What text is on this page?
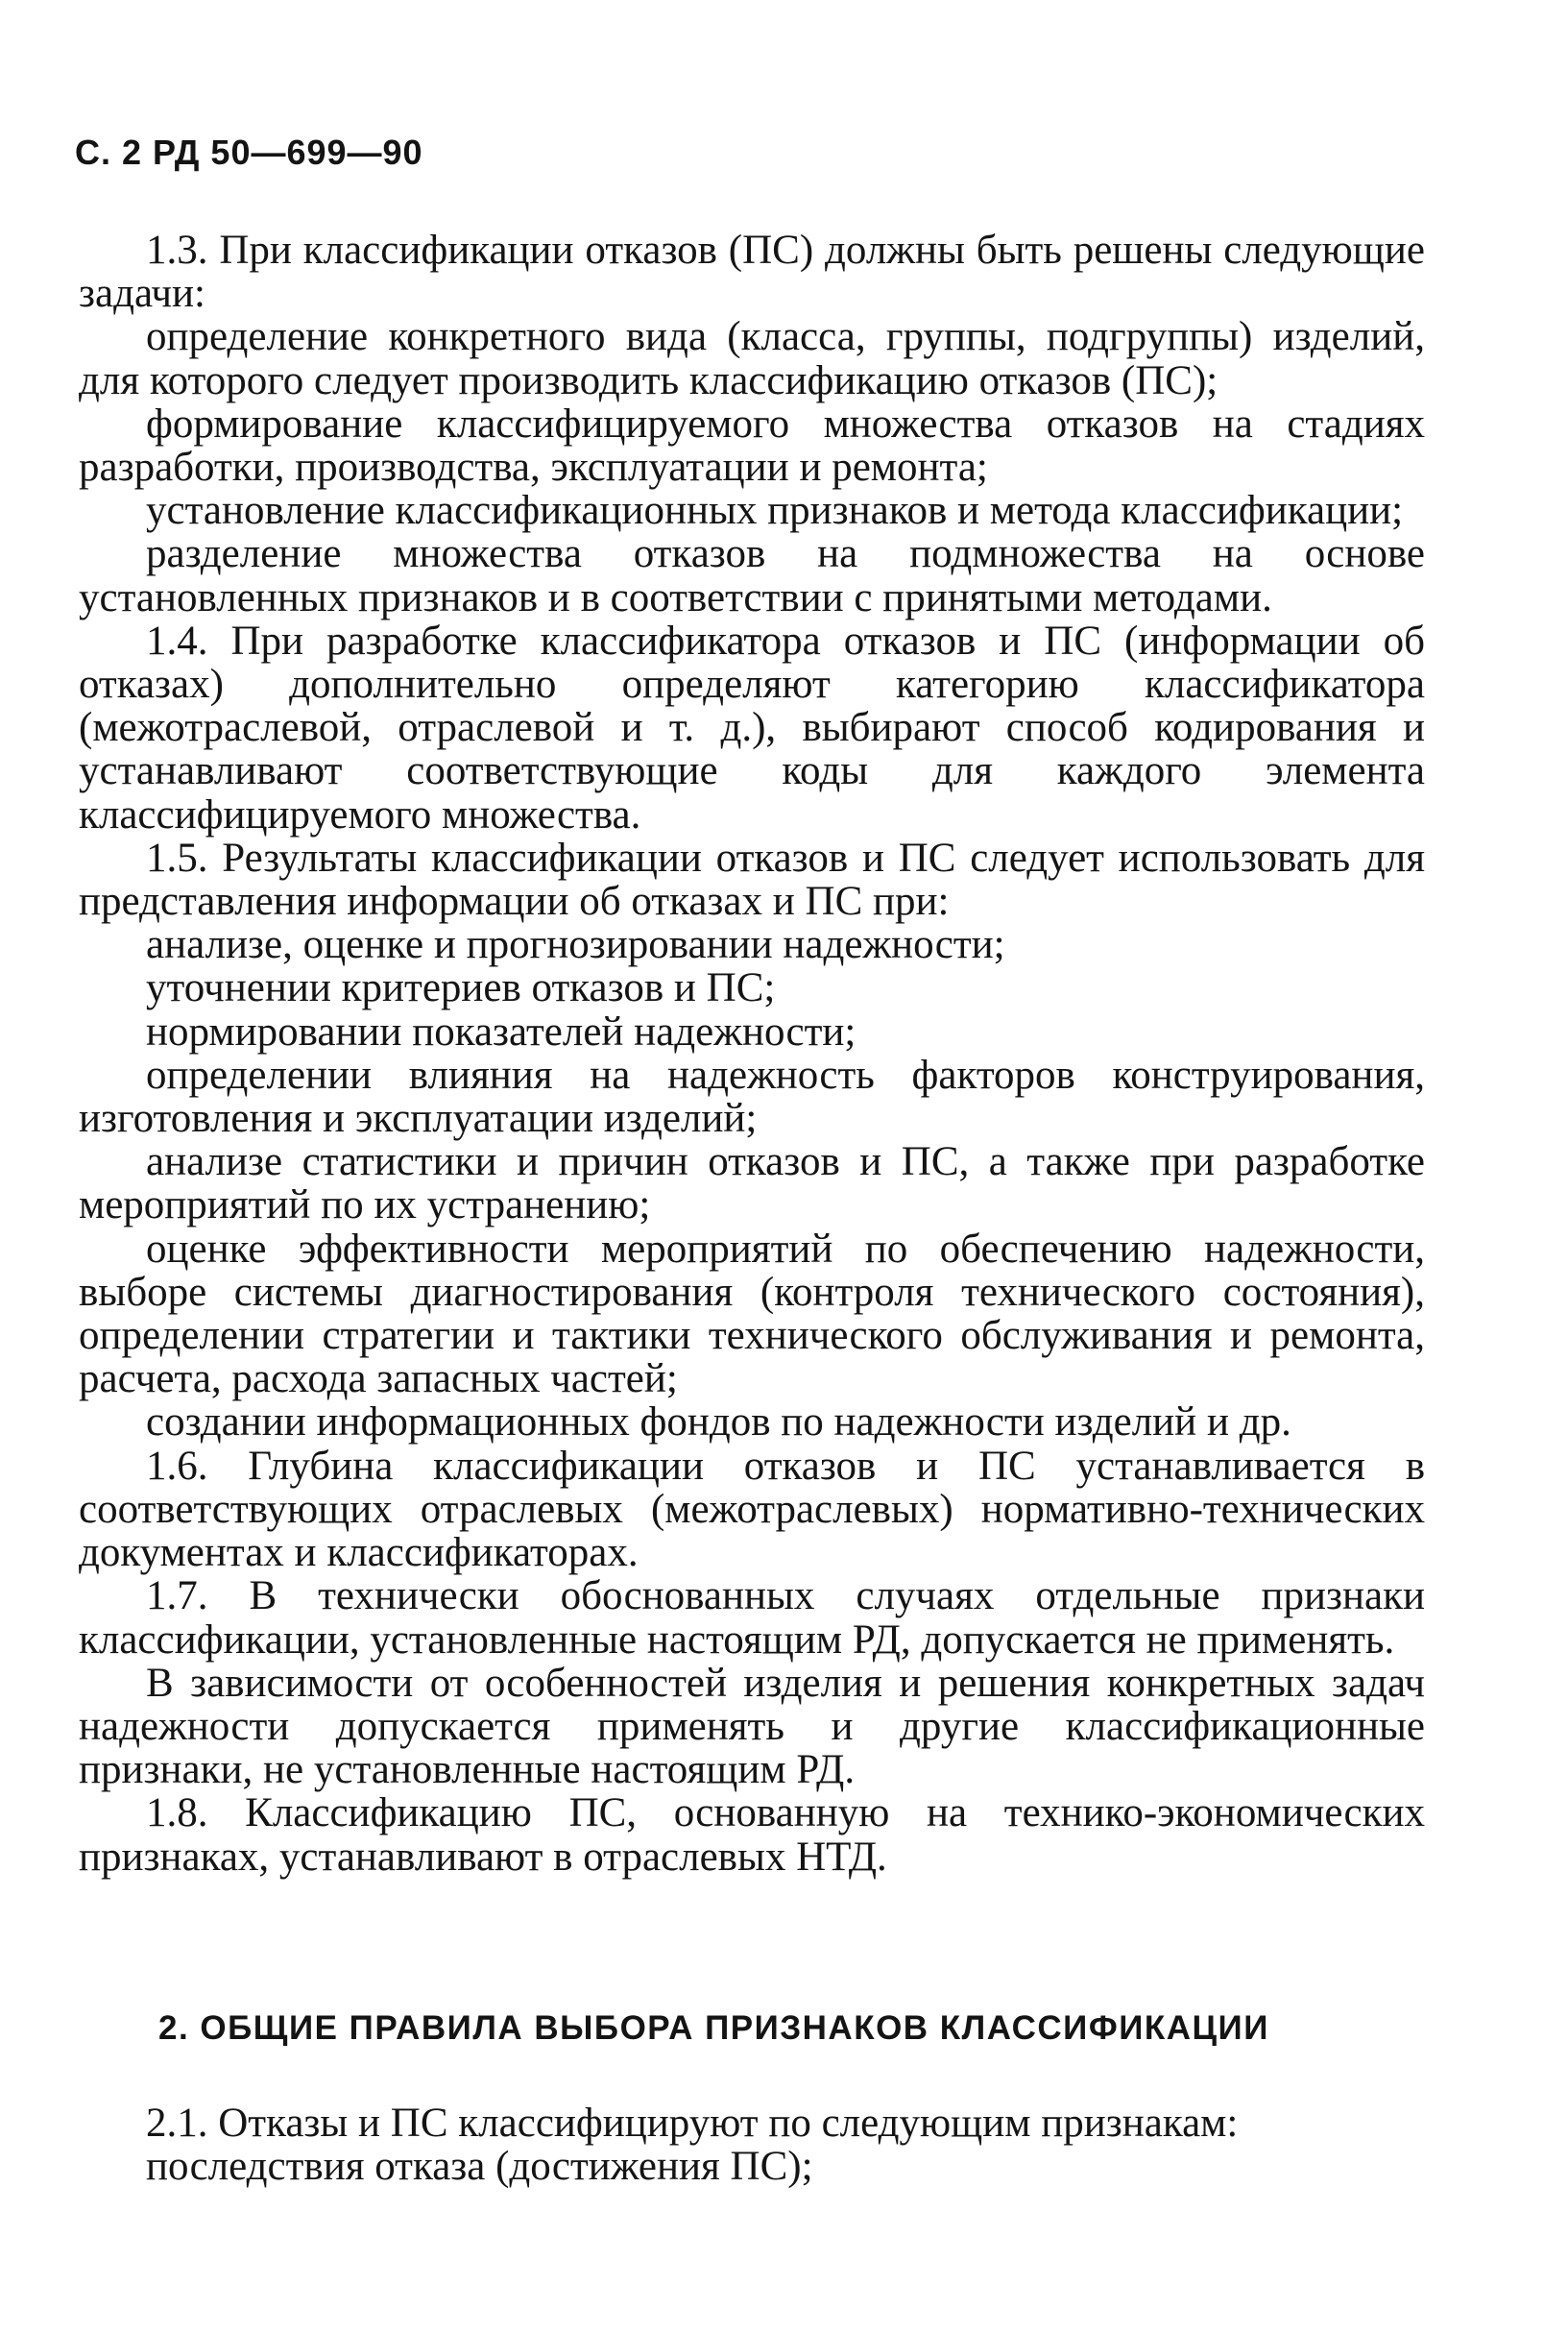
С. 2 РД 50—699—90

1.3. При классификации отказов (ПС) должны быть решены следующие задачи:

определение конкретного вида (класса, группы, подгруппы) изделий, для которого следует производить классификацию отказов (ПС);

формирование классифицируемого множества отказов на стадиях разработки, производства, эксплуатации и ремонта;

установление классификационных признаков и метода классификации;

разделение множества отказов на подмножества на основе установленных признаков и в соответствии с принятыми методами.

1.4. При разработке классификатора отказов и ПС (информации об отказах) дополнительно определяют категорию классификатора (межотраслевой, отраслевой и т. д.), выбирают способ кодирования и устанавливают соответствующие коды для каждого элемента классифицируемого множества.

1.5. Результаты классификации отказов и ПС следует использовать для представления информации об отказах и ПС при:

анализе, оценке и прогнозировании надежности;

уточнении критериев отказов и ПС;

нормировании показателей надежности;

определении влияния на надежность факторов конструирования, изготовления и эксплуатации изделий;

анализе статистики и причин отказов и ПС, а также при разработке мероприятий по их устранению;

оценке эффективности мероприятий по обеспечению надежности, выборе системы диагностирования (контроля технического состояния), определении стратегии и тактики технического обслуживания и ремонта, расчета, расхода запасных частей;

создании информационных фондов по надежности изделий и др.

1.6. Глубина классификации отказов и ПС устанавливается в соответствующих отраслевых (межотраслевых) нормативно-технических документах и классификаторах.

1.7. В технически обоснованных случаях отдельные признаки классификации, установленные настоящим РД, допускается не применять.

В зависимости от особенностей изделия и решения конкретных задач надежности допускается применять и другие классификационные признаки, не установленные настоящим РД.

1.8. Классификацию ПС, основанную на технико-экономических признаках, устанавливают в отраслевых НТД.

2. ОБЩИЕ ПРАВИЛА ВЫБОРА ПРИЗНАКОВ КЛАССИФИКАЦИИ

2.1. Отказы и ПС классифицируют по следующим признакам:

последствия отказа (достижения ПС);
